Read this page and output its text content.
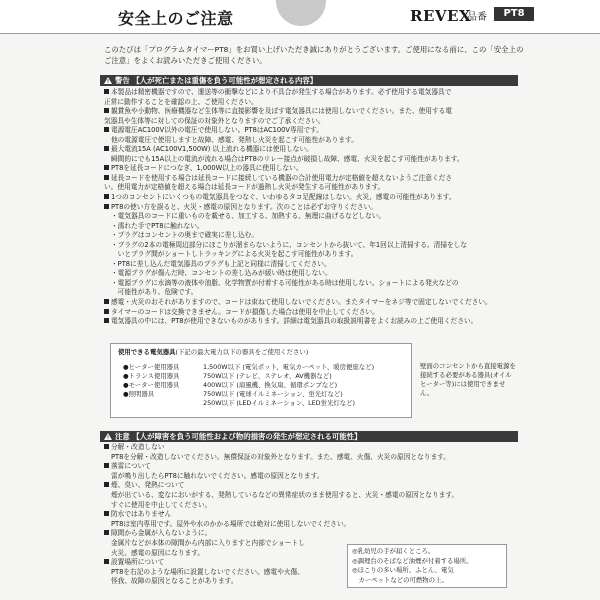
安全上のご注意	REVEX
品番	PT8

このたびは「プログラムタイマーPT8」をお買い上げいただき誠にありがとうございます。ご使用になる前に、この「安全上のご注意」をよくお読みいただきご使用ください。

警告 【人が死亡または重傷を負う可能性が想定される内容】
本製品は精密機器ですので、運送等の衝撃などにより不具合が発生する場合があります。必ず使用する電気器具で
正常に動作することを確認の上、ご使用ください。
観賞魚や小動物、医療機器など生体等に直接影響を及ぼす電気器具には使用しないでください。また、使用する電
気器具や生体等に対しての保証の対象外となりますのでご了承ください。
電源電圧AC100V以外の電圧で使用しない。PT8はAC100V専用です。
他の電源電圧で使用しますと故障、感電、発熱し火災を起こす可能性があります。
最大電流15A (AC100V1,500W) 以上流れる機器には使用しない。
瞬間的にでも15A以上の電流が流れる場合はPT8のリレー接点が破損し故障、感電、火災を起こす可能性があります。
PT8を延長コードにつなぎ、1,000W以上の器具に使用しない。
延長コードを使用する場合は延長コードに接続している機器の合計使用電力が定格値を超えないようご注意くださ
い。使用電力が定格値を超える場合は延長コードが過熱し火災が発生する可能性があります。
1つのコンセントにいくつもの電気器具をつなぐ、いわゆるタコ足配線はしない。火災、感電の可能性があります。
PT8の使い方を誤ると、火災・感電の原因となります。次のことは必ずお守りください。
・電気器具のコードに重いものを載せる、加工する、加熱する、無理に曲げるなどしない。
・濡れた手でPT8に触れない。
・プラグはコンセントの奥まで確実に差し込む。
・プラグの2本の電極周辺部分にほこりが溜まらないように、コンセントから抜いて、年1回以上清掃する。清掃をしな
　いとプラグ間がショートしトラッキングによる火災を起こす可能性があります。
・PT8に差し込んだ電気器具のプラグも上記と同様に清掃してください。
・電源プラグが傷んだ時、コンセントの差し込みが緩い時は使用しない。
・電源プラグに水滴等の液体や油脂、化学物質が付着する可能性がある時は使用しない。ショートによる発火などの
　可能性があり、危険です。
感電・火災のおそれがありますので、コードは束ねて使用しないでください。またタイマーをネジ等で固定しないでください。
タイマーのコードは交換できません。コードが損傷した場合は使用を中止してください。
電気器具の中には、PT8が使用できないものがあります。詳細は電気器具の取扱説明書をよくお読みの上ご使用ください。
使用できる電気器具(下記の最大電力以下の器具をご使用ください)
●ヒーター使用器具	1,500W以下 (電気ポット、電気カーペット、暖房便座など)
●トランス使用器具	750W以下 (テレビ、ステレオ、AV機器など)
●モーター使用器具	400W以下 (扇風機、換気扇、循環ポンプなど)
●照明器具	750W以下 (電球イルミネーション、蛍光灯など)
250W以下 (LEDイルミネーション、LED蛍光灯など)
壁面のコンセントから直接電源を接続する必要がある器具(オイルヒーター等)には使用できません。
注意 【人が障害を負う可能性および物的損害の発生が想定される可能性】
分解・改造しない
PT8を分解・改造しないでください。無償保証の対象外となります。また、感電、火傷、火災の原因となります。
落雷について
雷が鳴り出したらPT8に触れないでください。感電の原因となります。
煙、臭い、発熱について
煙が出ている、変なにおいがする、発熱しているなどの異常症状のまま使用すると、火災・感電の原因となります。
すぐに使用を中止してください。
防水ではありません
PT8は室内専用です。屋外や水のかかる場所では絶対に使用しないでください。
隙間から金属が入らないように。
金属片などが本体の隙間から内部に入りますと内部でショートし
火災、感電の原因になります。
設置場所について
PT8を右記のような場所に設置しないでください。感電や火傷、
怪我、故障の原因となることがあります。
◎乳幼児の手が届くところ。
◎調理台のそばなど油煙が付着する場所。
◎ほこりの多い場所、ふとん、電気
　カーペットなどの可燃物の上。
